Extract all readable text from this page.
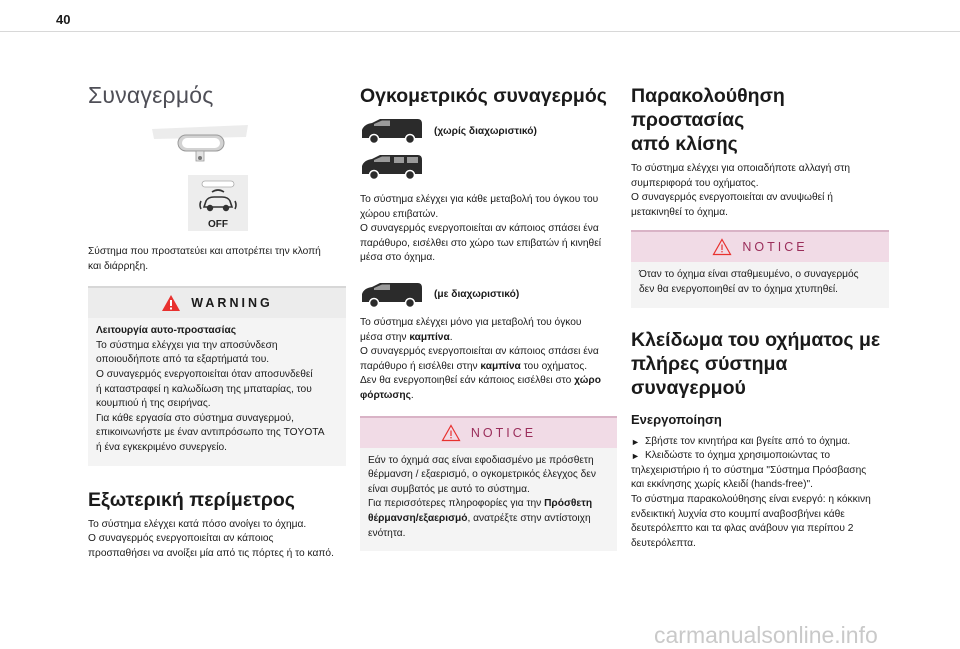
40
Συναγερμός
OFF

Σύστημα που προστατεύει και αποτρέπει την κλοπή

και διάρρηξη.

WARNING

Λειτουργία αυτο-προστασίας

Το σύστημα ελέγχει για την αποσύνδεση

οποιουδήποτε από τα εξαρτήματά του.

Ο συναγερμός ενεργοποιείται όταν αποσυνδεθεί

ή καταστραφεί η καλωδίωση της μπαταρίας, του

κουμπιού ή της σειρήνας.

Για κάθε εργασία στο σύστημα συναγερμού,

επικοινωνήστε με έναν αντιπρόσωπο της TOYOTA

ή ένα εγκεκριμένο συνεργείο.

Εξωτερική περίμετρος

Το σύστημα ελέγχει κατά πόσο ανοίγει το όχημα.

Ο συναγερμός ενεργοποιείται αν κάποιος

προσπαθήσει να ανοίξει μία από τις πόρτες ή το καπό.

Ογκομετρικός συναγερμός
(χωρίς διαχωριστικό)

Το σύστημα ελέγχει για κάθε μεταβολή του όγκου του

χώρου επιβατών.

Ο συναγερμός ενεργοποιείται αν κάποιος σπάσει ένα

παράθυρο, εισέλθει στο χώρο των επιβατών ή κινηθεί

μέσα στο όχημα.

(με διαχωριστικό)

Το σύστημα ελέγχει μόνο για μεταβολή του όγκου

μέσα στην καμπίνα.

Ο συναγερμός ενεργοποιείται αν κάποιος σπάσει ένα

παράθυρο ή εισέλθει στην καμπίνα του οχήματος.

Δεν θα ενεργοποιηθεί εάν κάποιος εισέλθει στο χώρο

φόρτωσης.

NOTICE

Εάν το όχημά σας είναι εφοδιασμένο με πρόσθετη

θέρμανση / εξαερισμό, ο ογκομετρικός έλεγχος δεν

είναι συμβατός με αυτό το σύστημα.

Για περισσότερες πληροφορίες για την Πρόσθετη

θέρμανση/εξαερισμό, ανατρέξτε στην αντίστοιχη

ενότητα.

Παρακολούθηση προστασίας
από κλίσης

Το σύστημα ελέγχει για οποιαδήποτε αλλαγή στη

συμπεριφορά του οχήματος.

Ο συναγερμός ενεργοποιείται αν ανυψωθεί ή

μετακινηθεί το όχημα.

NOTICE

Όταν το όχημα είναι σταθμευμένο, ο συναγερμός

δεν θα ενεργοποιηθεί αν το όχημα χτυπηθεί.

Κλείδωμα του οχήματος με
πλήρες σύστημα συναγερμού
Ενεργοποίηση
► Σβήστε τον κινητήρα και βγείτε από το όχημα.

► Κλειδώστε το όχημα χρησιμοποιώντας το

τηλεχειριστήριο ή το σύστημα "Σύστημα Πρόσβασης

και εκκίνησης χωρίς κλειδί (hands-free)".

Το σύστημα παρακολούθησης είναι ενεργό: η κόκκινη

ενδεικτική λυχνία στο κουμπί αναβοσβήνει κάθε

δευτερόλεπτο και τα φλας ανάβουν για περίπου 2

δευτερόλεπτα.

carmanualsonline.info
